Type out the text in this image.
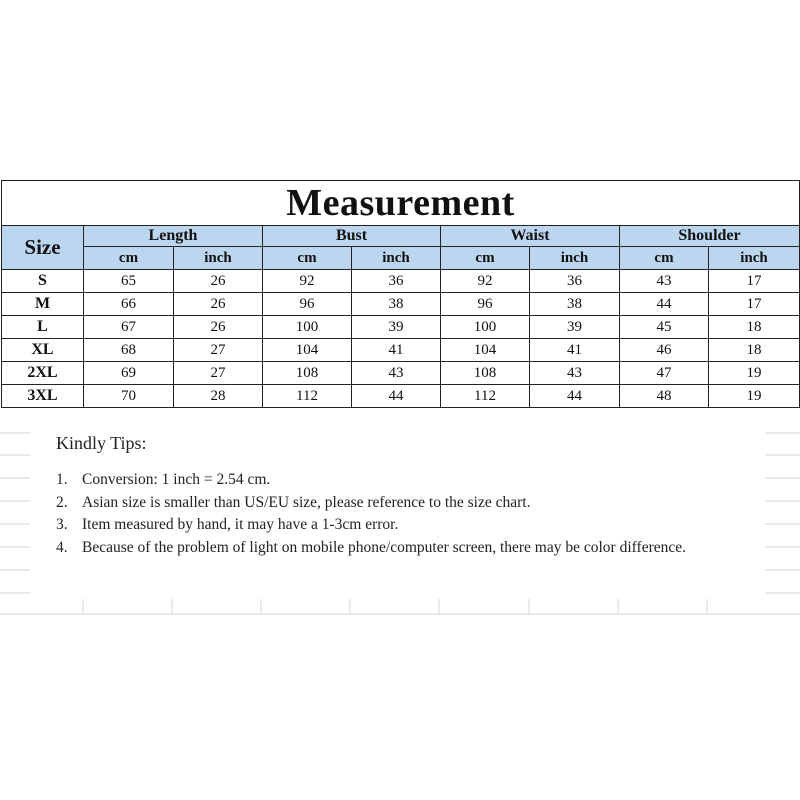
Measurement								
Size	Length		Bust		Waist		Shoulder	
	cm	inch	cm	inch	cm	inch	cm	inch
S	65	26	92	36	92	36	43	17
M	66	26	96	38	96	38	44	17
L	67	26	100	39	100	39	45	18
XL	68	27	104	41	104	41	46	18
2XL	69	27	108	43	108	43	47	19
3XL	70	28	112	44	112	44	48	19
Kindly Tips:
1. Conversion: 1 inch = 2.54 cm.
2. Asian size is smaller than US/EU size, please reference to the size chart.
3. Item measured by hand, it may have a 1-3cm error.
4. Because of the problem of light on mobile phone/computer screen, there may be color difference.
